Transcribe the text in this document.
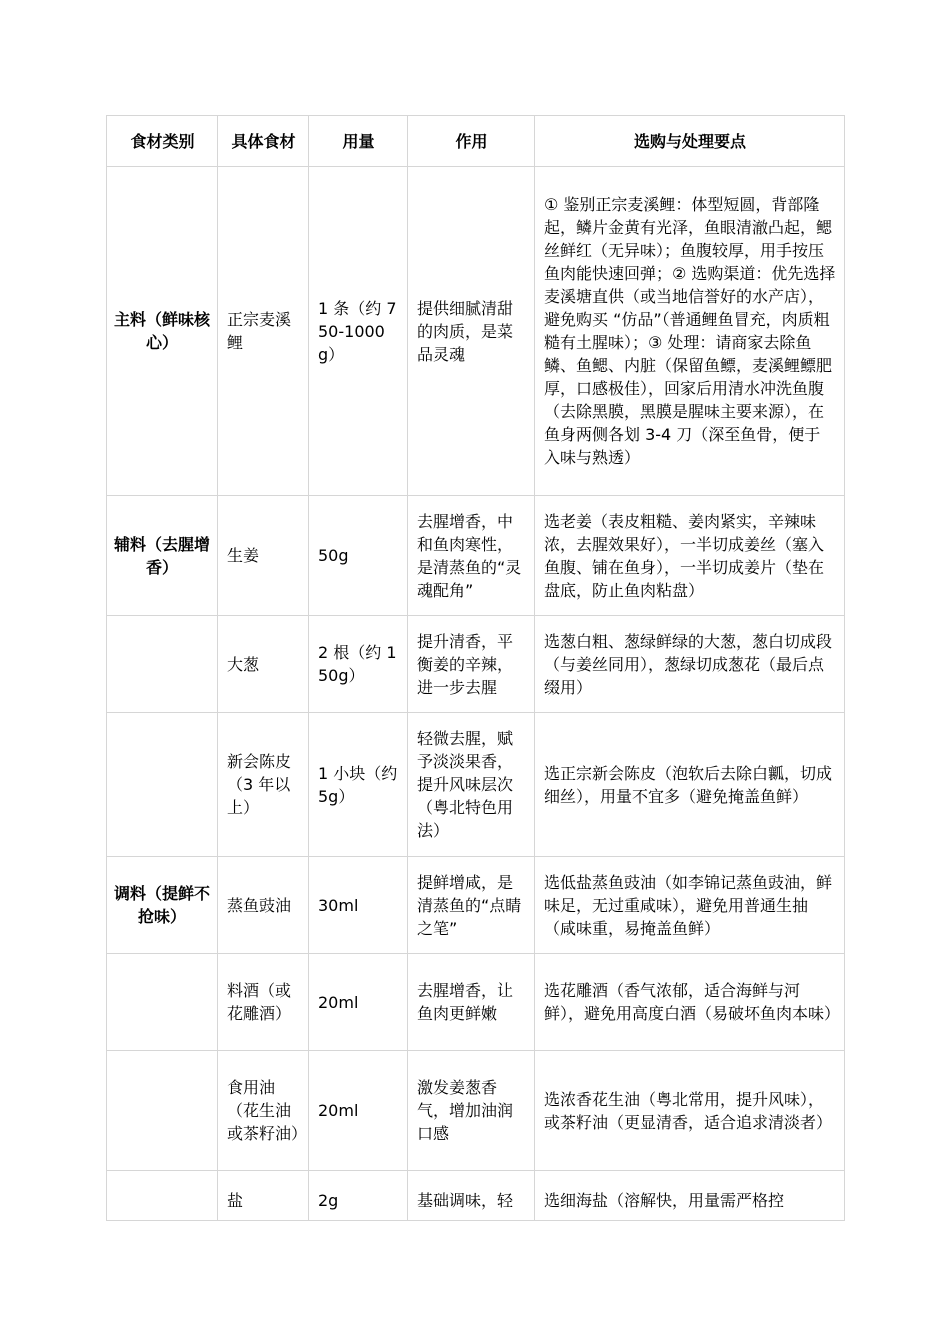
食材类别	具体食材	用量	作用	选购与处理要点
主料（鲜味核心）	正宗麦溪鲤	1 条（约 750-1000g）	提供细腻清甜的肉质，是菜品灵魂	① 鉴别正宗麦溪鲤：体型短圆，背部隆起，鳞片金黄有光泽，鱼眼清澈凸起，鳃丝鲜红（无异味）；鱼腹较厚，用手按压鱼肉能快速回弹；② 选购渠道：优先选择麦溪塘直供（或当地信誉好的水产店），避免购买 “仿品”（普通鲤鱼冒充，肉质粗糙有土腥味）；③ 处理：请商家去除鱼鳞、鱼鳃、内脏（保留鱼鳔，麦溪鲤鳔肥厚，口感极佳），回家后用清水冲洗鱼腹（去除黑膜，黑膜是腥味主要来源），在鱼身两侧各划 3-4 刀（深至鱼骨，便于入味与熟透）
辅料（去腥增香）	生姜	50g	去腥增香，中和鱼肉寒性，是清蒸鱼的“灵魂配角”	选老姜（表皮粗糙、姜肉紧实，辛辣味浓，去腥效果好），一半切成姜丝（塞入鱼腹、铺在鱼身），一半切成姜片（垫在盘底，防止鱼肉粘盘）
	大葱	2 根（约 150g）	提升清香，平衡姜的辛辣，进一步去腥	选葱白粗、葱绿鲜绿的大葱，葱白切成段（与姜丝同用），葱绿切成葱花（最后点缀用）
	新会陈皮（3 年以上）	1 小块（约 5g）	轻微去腥，赋予淡淡果香，提升风味层次（粤北特色用法）	选正宗新会陈皮（泡软后去除白瓤，切成细丝），用量不宜多（避免掩盖鱼鲜）
调料（提鲜不抢味）	蒸鱼豉油	30ml	提鲜增咸，是清蒸鱼的“点睛之笔”	选低盐蒸鱼豉油（如李锦记蒸鱼豉油，鲜味足，无过重咸味），避免用普通生抽（咸味重，易掩盖鱼鲜）
	料酒（或花雕酒）	20ml	去腥增香，让鱼肉更鲜嫩	选花雕酒（香气浓郁，适合海鲜与河鲜），避免用高度白酒（易破坏鱼肉本味）
	食用油（花生油或茶籽油）	20ml	激发姜葱香气，增加油润口感	选浓香花生油（粤北常用，提升风味），或茶籽油（更显清香，适合追求清淡者）
	盐	2g	基础调味，轻	选细海盐（溶解快，用量需严格控
